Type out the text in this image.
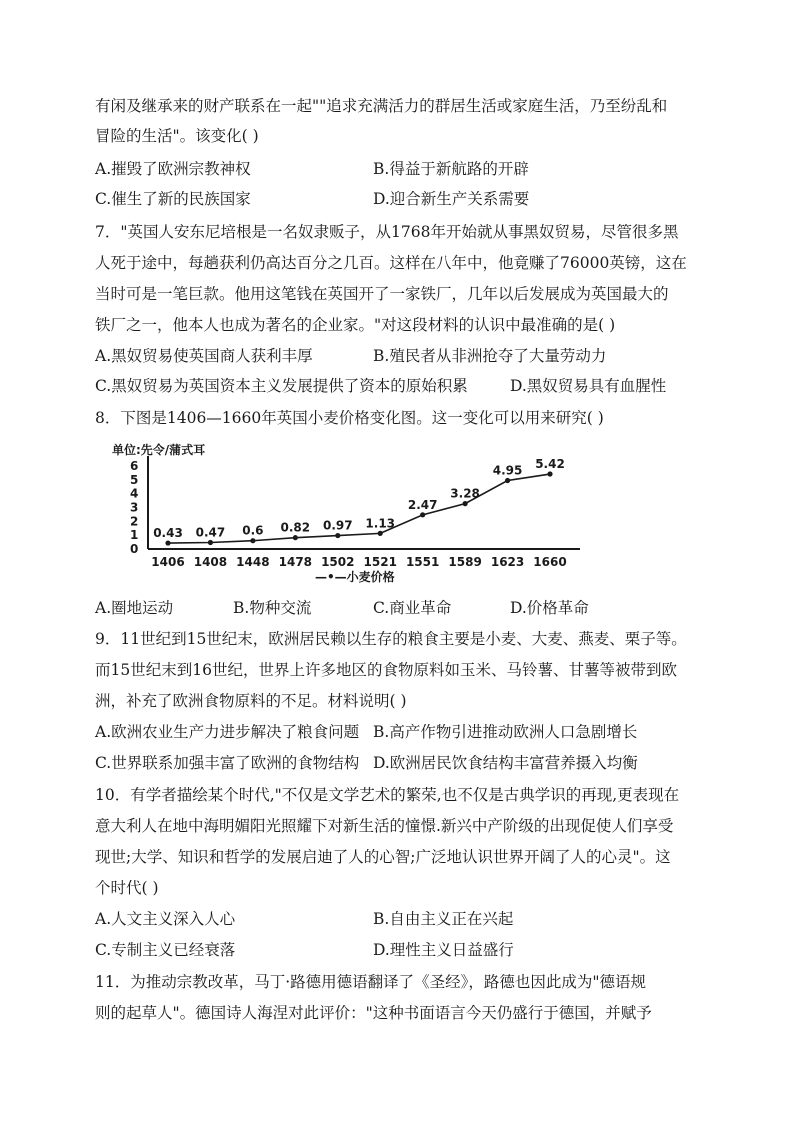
有闲及继承来的财产联系在一起""追求充满活力的群居生活或家庭生活，乃至纷乱和
冒险的生活"。该变化( )
A.摧毁了欧洲宗教神权	B.得益于新航路的开辟
C.催生了新的民族国家	D.迎合新生产关系需要
7．"英国人安东尼培根是一名奴隶贩子，从1768年开始就从事黑奴贸易，尽管很多黑
人死于途中，每趟获利仍高达百分之几百。这样在八年中，他竟赚了76000英镑，这在
当时可是一笔巨款。他用这笔钱在英国开了一家铁厂，几年以后发展成为英国最大的
铁厂之一，他本人也成为著名的企业家。"对这段材料的认识中最准确的是( )
A.黑奴贸易使英国商人获利丰厚	B.殖民者从非洲抢夺了大量劳动力
C.黑奴贸易为英国资本主义发展提供了资本的原始积累	D.黑奴贸易具有血腥性
8．下图是1406—1660年英国小麦价格变化图。这一变化可以用来研究( )
单位:先令/蒲式耳
0
1
2
3
4
5
6
0.43 0.47 0.6 0.82 0.97 1.13
2.47
3.28
4.95 5.42
1406 1408 1448 1478 1502 1521 1551 1589 1623 1660
—•—小麦价格
A.圈地运动	B.物种交流	C.商业革命	D.价格革命
9．11世纪到15世纪末，欧洲居民赖以生存的粮食主要是小麦、大麦、燕麦、栗子等。
而15世纪末到16世纪，世界上许多地区的食物原料如玉米、马铃薯、甘薯等被带到欧
洲，补充了欧洲食物原料的不足。材料说明( )
A.欧洲农业生产力进步解决了粮食问题 B.高产作物引进推动欧洲人口急剧增长
C.世界联系加强丰富了欧洲的食物结构 D.欧洲居民饮食结构丰富营养摄入均衡
10．有学者描绘某个时代,"不仅是文学艺术的繁荣,也不仅是古典学识的再现,更表现在
意大利人在地中海明媚阳光照耀下对新生活的憧憬.新兴中产阶级的出现促使人们享受
现世;大学、知识和哲学的发展启迪了人的心智;广泛地认识世界开阔了人的心灵"。这
个时代( )
A.人文主义深入人心	B.自由主义正在兴起
C.专制主义已经衰落	D.理性主义日益盛行
11．为推动宗教改革，马丁·路德用德语翻译了《圣经》，路德也因此成为"德语规
则的起草人"。德国诗人海涅对此评价："这种书面语言今天仍盛行于德国，并赋予
